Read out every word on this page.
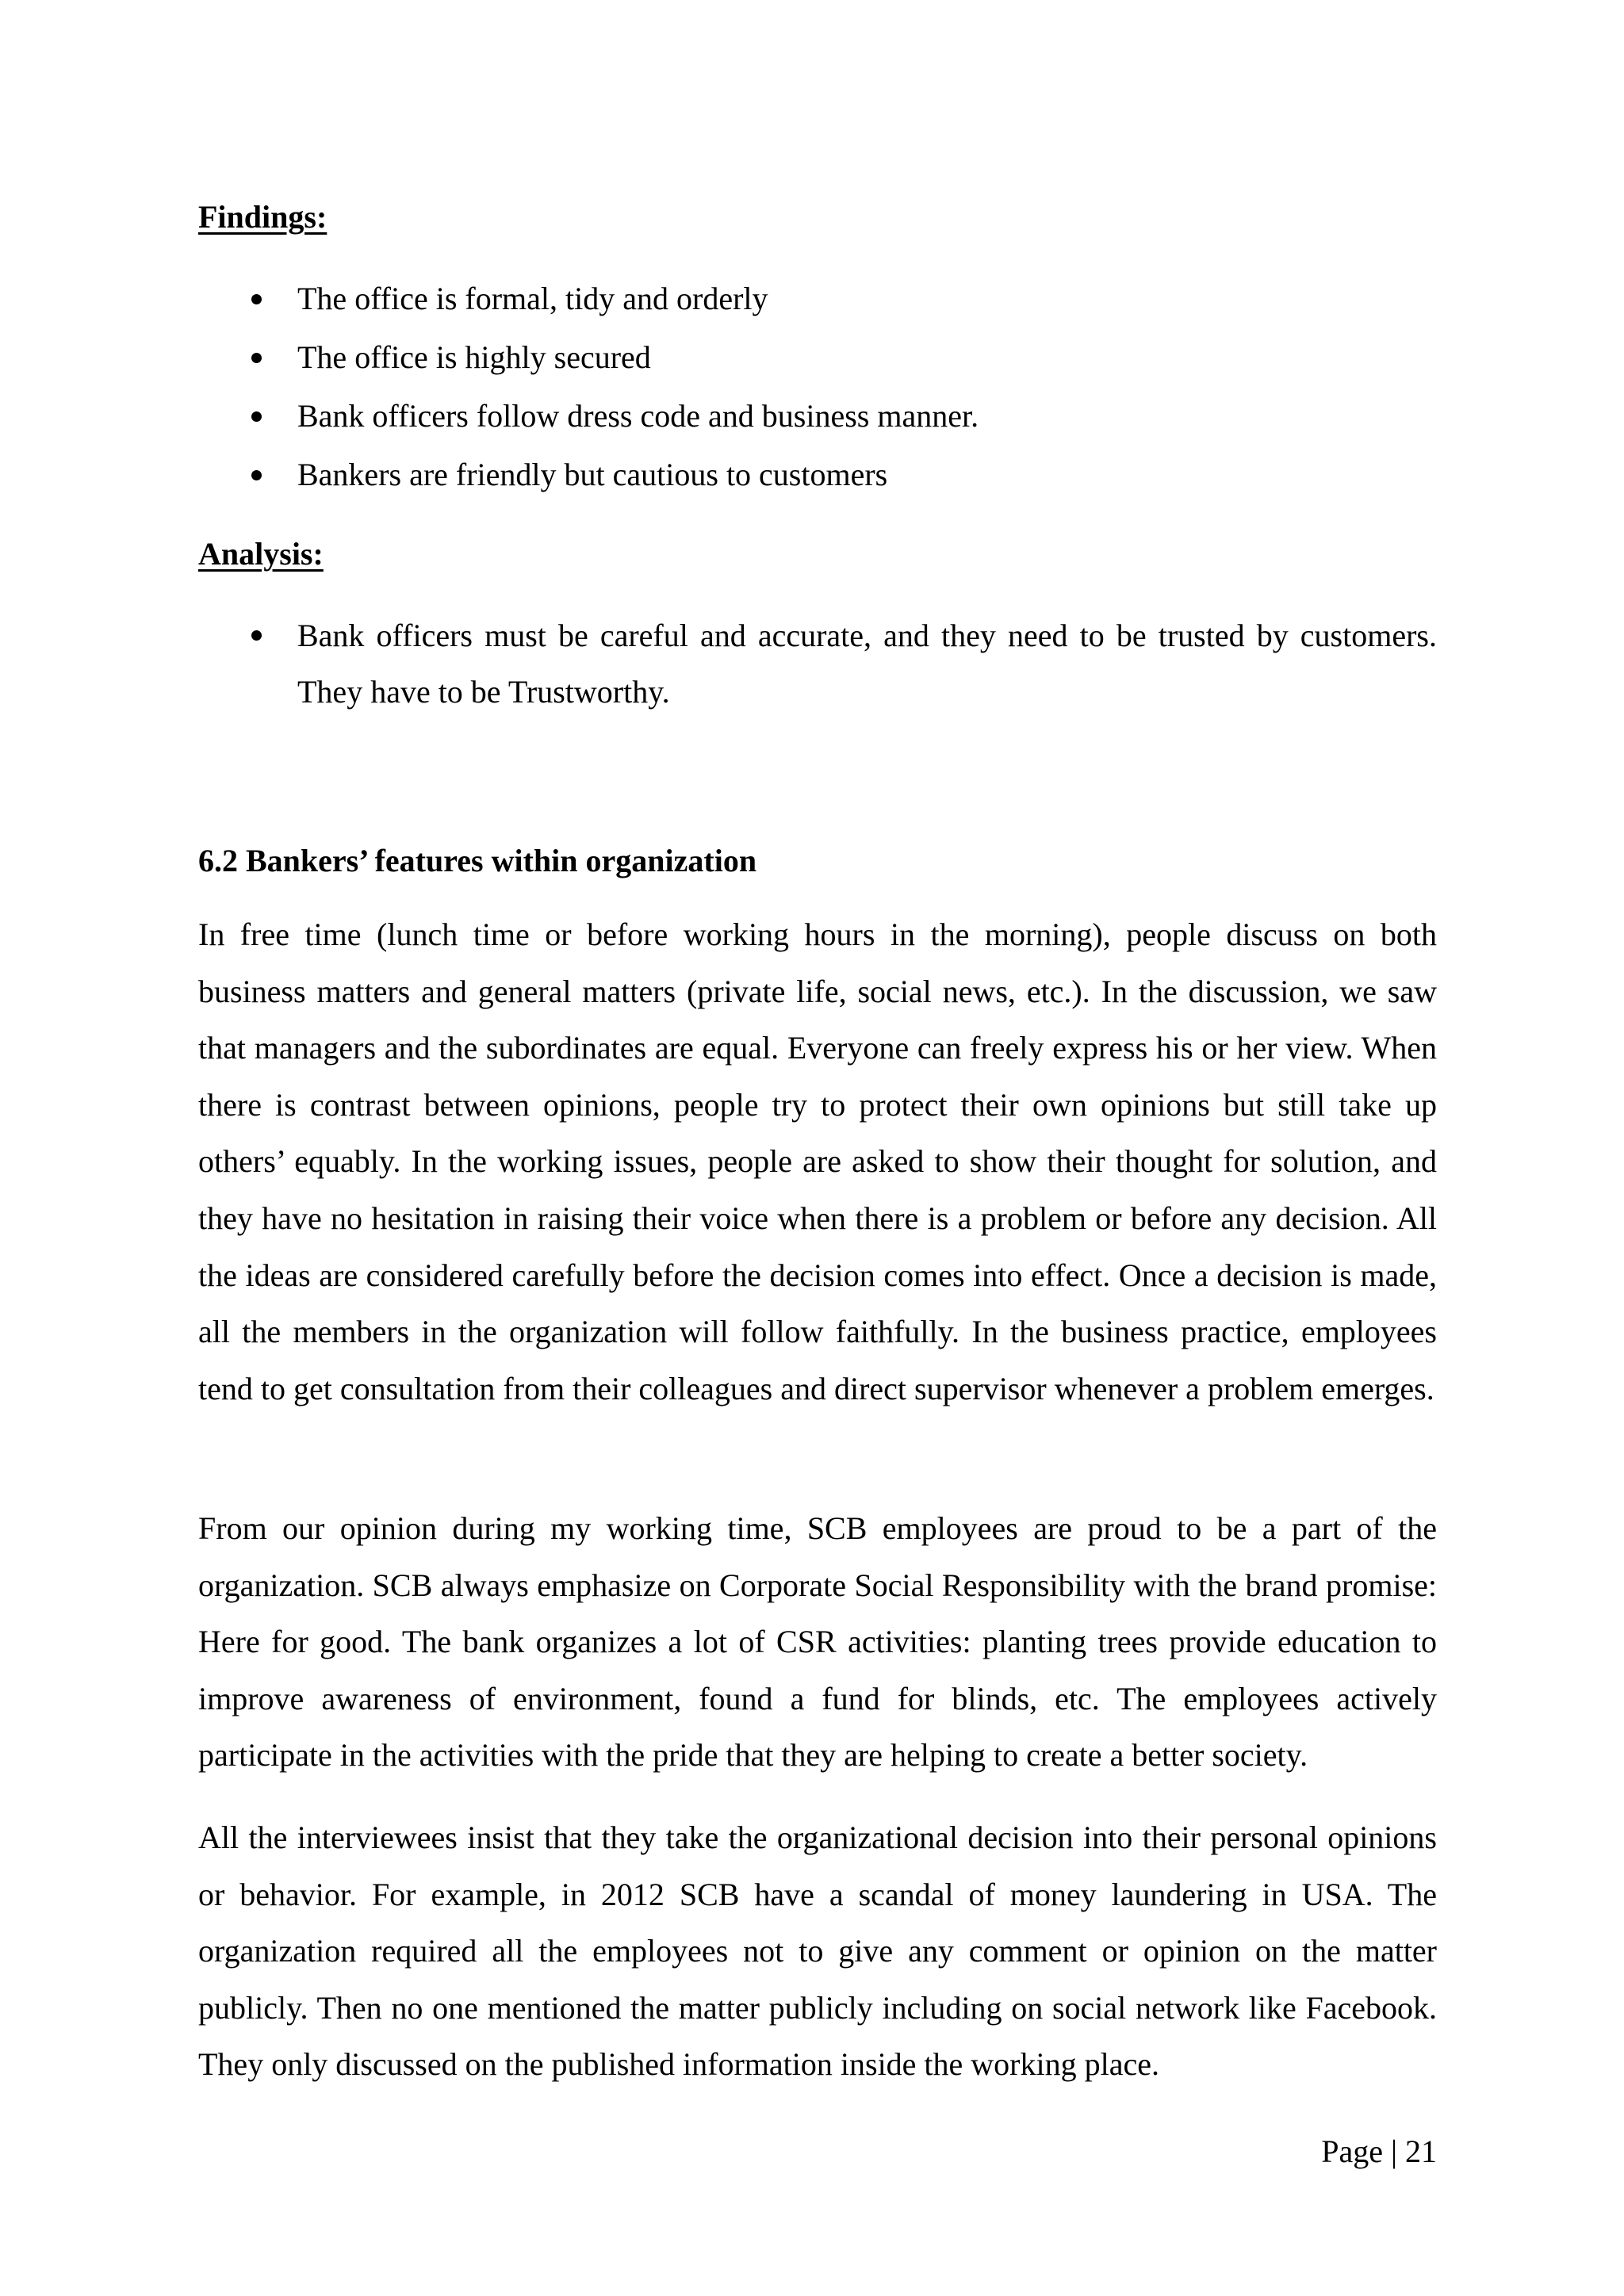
Findings:
The office is formal, tidy and orderly
The office is highly secured
Bank officers follow dress code and business manner.
Bankers are friendly but cautious to customers
Analysis:
Bank officers must be careful and accurate, and they need to be trusted by customers. They have to be Trustworthy.
6.2 Bankers’ features within organization

In free time (lunch time or before working hours in the morning), people discuss on both business matters and general matters (private life, social news, etc.). In the discussion, we saw that managers and the subordinates are equal. Everyone can freely express his or her view. When there is contrast between opinions, people try to protect their own opinions but still take up others’ equably. In the working issues, people are asked to show their thought for solution, and they have no hesitation in raising their voice when there is a problem or before any decision. All the ideas are considered carefully before the decision comes into effect. Once a decision is made, all the members in the organization will follow faithfully. In the business practice, employees tend to get consultation from their colleagues and direct supervisor whenever a problem emerges.

From our opinion during my working time, SCB employees are proud to be a part of the organization. SCB always emphasize on Corporate Social Responsibility with the brand promise: Here for good. The bank organizes a lot of CSR activities: planting trees provide education to improve awareness of environment, found a fund for blinds, etc. The employees actively participate in the activities with the pride that they are helping to create a better society.

All the interviewees insist that they take the organizational decision into their personal opinions or behavior. For example, in 2012 SCB have a scandal of money laundering in USA. The organization required all the employees not to give any comment or opinion on the matter publicly. Then no one mentioned the matter publicly including on social network like Facebook. They only discussed on the published information inside the working place.

Page | 21
